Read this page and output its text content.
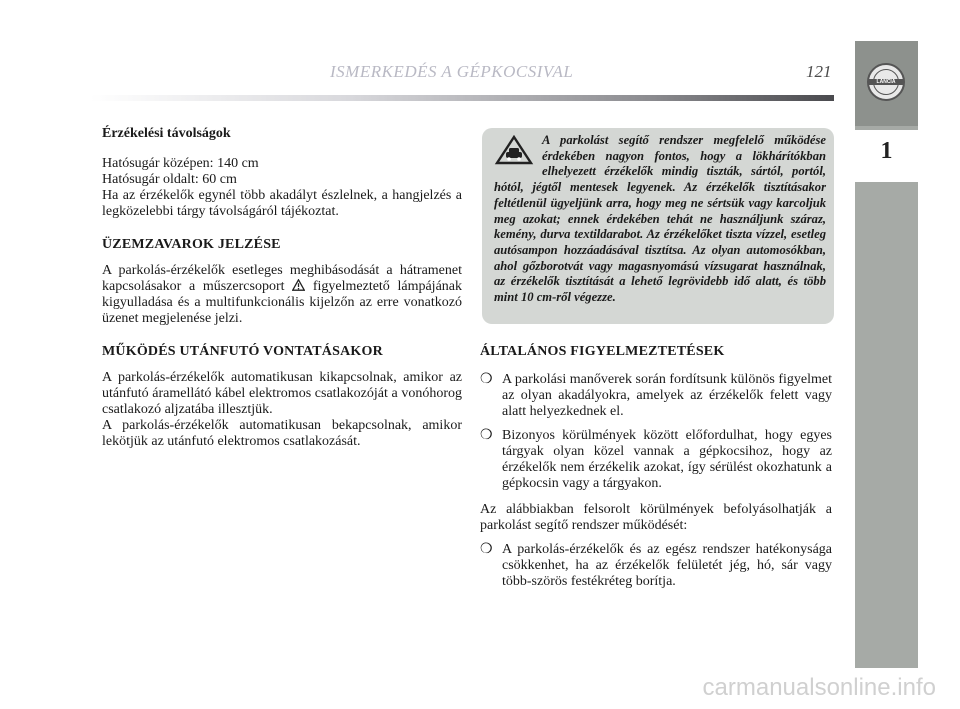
ISMERKEDÉS A GÉPKOCSIVAL	121
LANCIA
1
Érzékelési távolságok

Hatósugár középen: 140 cm

Hatósugár oldalt: 60 cm

Ha az érzékelők egynél több akadályt észlelnek, a hangjelzés a legközelebbi tárgy távolságáról tájékoztat.

ÜZEMZAVAROK JELZÉSE

A parkolás-érzékelők esetleges meghibásodását a hátramenet kapcsolásakor a műszercsoport figyelmeztető lámpájának kigyulladása és a multifunkcionális kijelzőn az erre vonatkozó üzenet megjelenése jelzi.

MŰKÖDÉS UTÁNFUTÓ VONTATÁSAKOR

A parkolás-érzékelők automatikusan kikapcsolnak, amikor az utánfutó áramellátó kábel elektromos csatlakozóját a vonóhorog csatlakozó aljzatába illesztjük.

A parkolás-érzékelők automatikusan bekapcsolnak, amikor lekötjük az utánfutó elektromos csatlakozását.

A parkolást segítő rendszer megfelelő működése érdekében nagyon fontos, hogy a lökhárítókban elhelyezett érzékelők mindig tiszták, sártól, portól, hótól, jégtől mentesek legyenek. Az érzékelők tisztításakor feltétlenül ügyeljünk arra, hogy meg ne sértsük vagy karcoljuk meg azokat; ennek érdekében tehát ne használjunk száraz, kemény, durva textildarabot. Az érzékelőket tiszta vízzel, esetleg autósampon hozzáadásával tisztítsa. Az olyan automosókban, ahol gőzborotvát vagy magasnyomású vízsugarat használnak, az érzékelők tisztítását a lehető legrövidebb idő alatt, és több mint 10 cm-ről végezze.
ÁLTALÁNOS FIGYELMEZTETÉSEK
❍ A parkolási manőverek során fordítsunk különös figyelmet az olyan akadályokra, amelyek az érzékelők felett vagy alatt helyezkednek el.
❍ Bizonyos körülmények között előfordulhat, hogy egyes tárgyak olyan közel vannak a gépkocsihoz, hogy az érzékelők nem érzékelik azokat, így sérülést okozhatunk a gépkocsin vagy a tárgyakon.

Az alábbiakban felsorolt körülmények befolyásolhatják a parkolást segítő rendszer működését:

❍ A parkolás-érzékelők és az egész rendszer hatékonysága csökkenhet, ha az érzékelők felületét jég, hó, sár vagy több-szörös festékréteg borítja.
carmanualsonline.info
